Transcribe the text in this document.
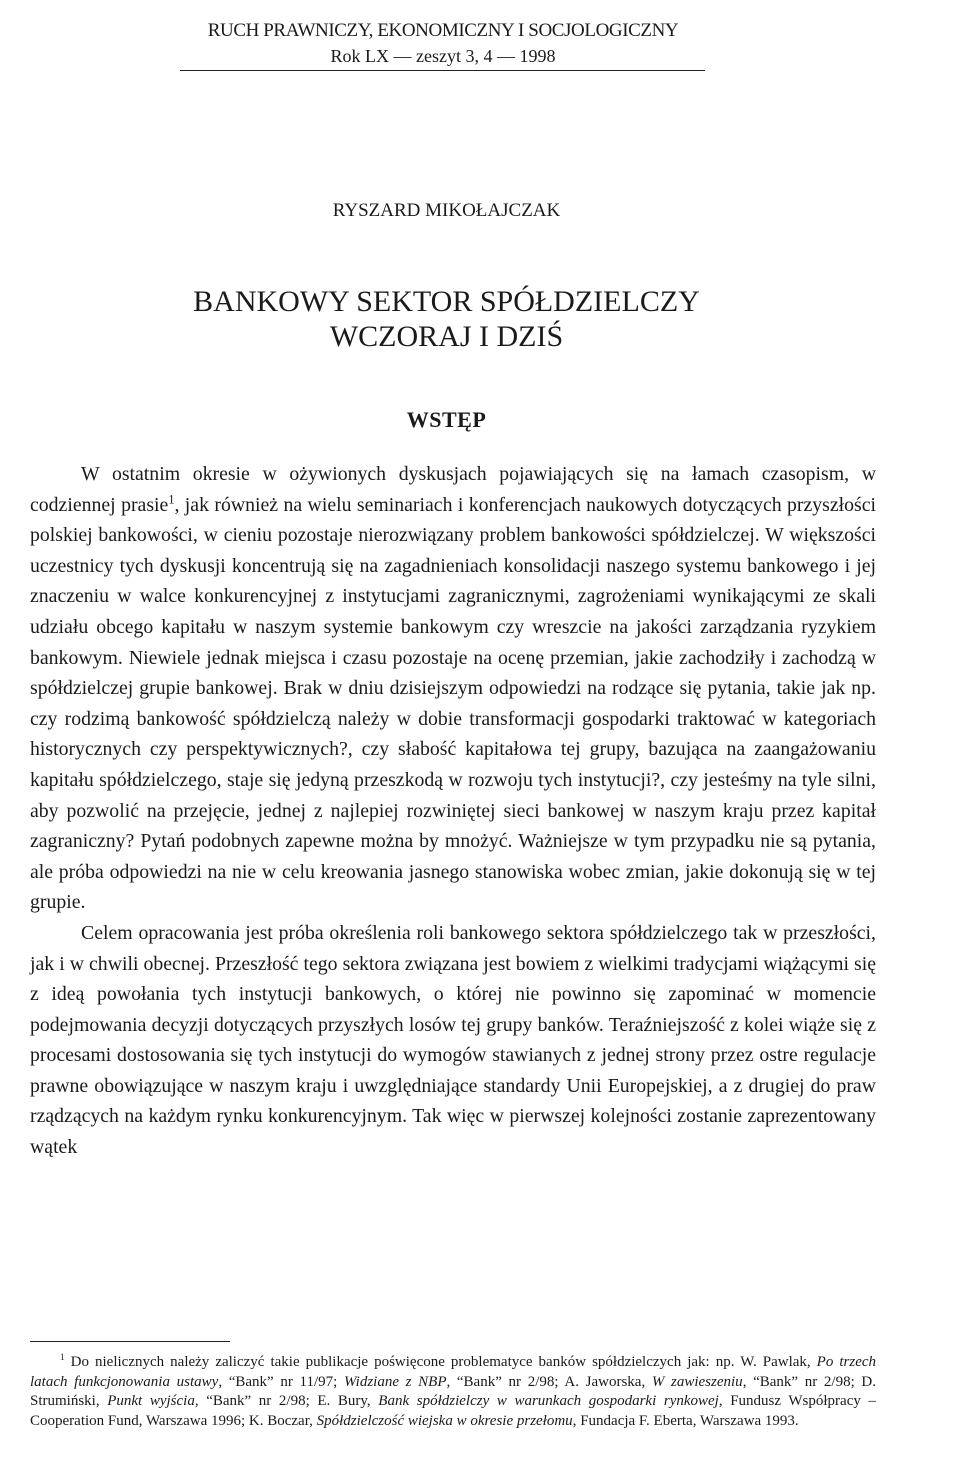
RUCH PRAWNICZY, EKONOMICZNY I SOCJOLOGICZNY
Rok LX — zeszyt 3, 4 — 1998
RYSZARD MIKOŁAJCZAK
BANKOWY SEKTOR SPÓŁDZIELCZY
WCZORAJ I DZIŚ
WSTĘP

W ostatnim okresie w ożywionych dyskusjach pojawiających się na łamach czasopism, w codziennej prasie$^1$, jak również na wielu seminariach i konferencjach naukowych dotyczących przyszłości polskiej bankowości, w cieniu pozostaje nierozwiązany problem bankowości spółdzielczej. W większości uczestnicy tych dyskusji koncentrują się na zagadnieniach konsolidacji naszego systemu bankowego i jej znaczeniu w walce konkurencyjnej z instytucjami zagranicznymi, zagrożeniami wynikającymi ze skali udziału obcego kapitału w naszym systemie bankowym czy wreszcie na jakości zarządzania ryzykiem bankowym. Niewiele jednak miejsca i czasu pozostaje na ocenę przemian, jakie zachodziły i zachodzą w spółdzielczej grupie bankowej. Brak w dniu dzisiejszym odpowiedzi na rodzące się pytania, takie jak np. czy rodzimą bankowość spółdzielczą należy w dobie transformacji gospodarki traktować w kategoriach historycznych czy perspektywicznych?, czy słabość kapitałowa tej grupy, bazująca na zaangażowaniu kapitału spółdzielczego, staje się jedyną przeszkodą w rozwoju tych instytucji?, czy jesteśmy na tyle silni, aby pozwolić na przejęcie, jednej z najlepiej rozwiniętej sieci bankowej w naszym kraju przez kapitał zagraniczny? Pytań podobnych zapewne można by mnożyć. Ważniejsze w tym przypadku nie są pytania, ale próba odpowiedzi na nie w celu kreowania jasnego stanowiska wobec zmian, jakie dokonują się w tej grupie.

Celem opracowania jest próba określenia roli bankowego sektora spółdzielczego tak w przeszłości, jak i w chwili obecnej. Przeszłość tego sektora związana jest bowiem z wielkimi tradycjami wiążącymi się z ideą powołania tych instytucji bankowych, o której nie powinno się zapominać w momencie podejmowania decyzji dotyczących przyszłych losów tej grupy banków. Teraźniejszość z kolei wiąże się z procesami dostosowania się tych instytucji do wymogów stawianych z jednej strony przez ostre regulacje prawne obowiązujące w naszym kraju i uwzględniające standardy Unii Europejskiej, a z drugiej do praw rządzących na każdym rynku konkurencyjnym. Tak więc w pierwszej kolejności zostanie zaprezentowany wątek

$^1$ Do nielicznych należy zaliczyć takie publikacje poświęcone problematyce banków spółdzielczych jak: np. W. Pawlak, Po trzech latach funkcjonowania ustawy, “Bank” nr 11/97; Widziane z NBP, “Bank” nr 2/98; A. Jaworska, W zawieszeniu, “Bank” nr 2/98; D. Strumiński, Punkt wyjścia, “Bank” nr 2/98; E. Bury, Bank spółdzielczy w warunkach gospodarki rynkowej, Fundusz Współpracy – Cooperation Fund, Warszawa 1996; K. Boczar, Spółdzielczość wiejska w okresie przełomu, Fundacja F. Eberta, Warszawa 1993.
